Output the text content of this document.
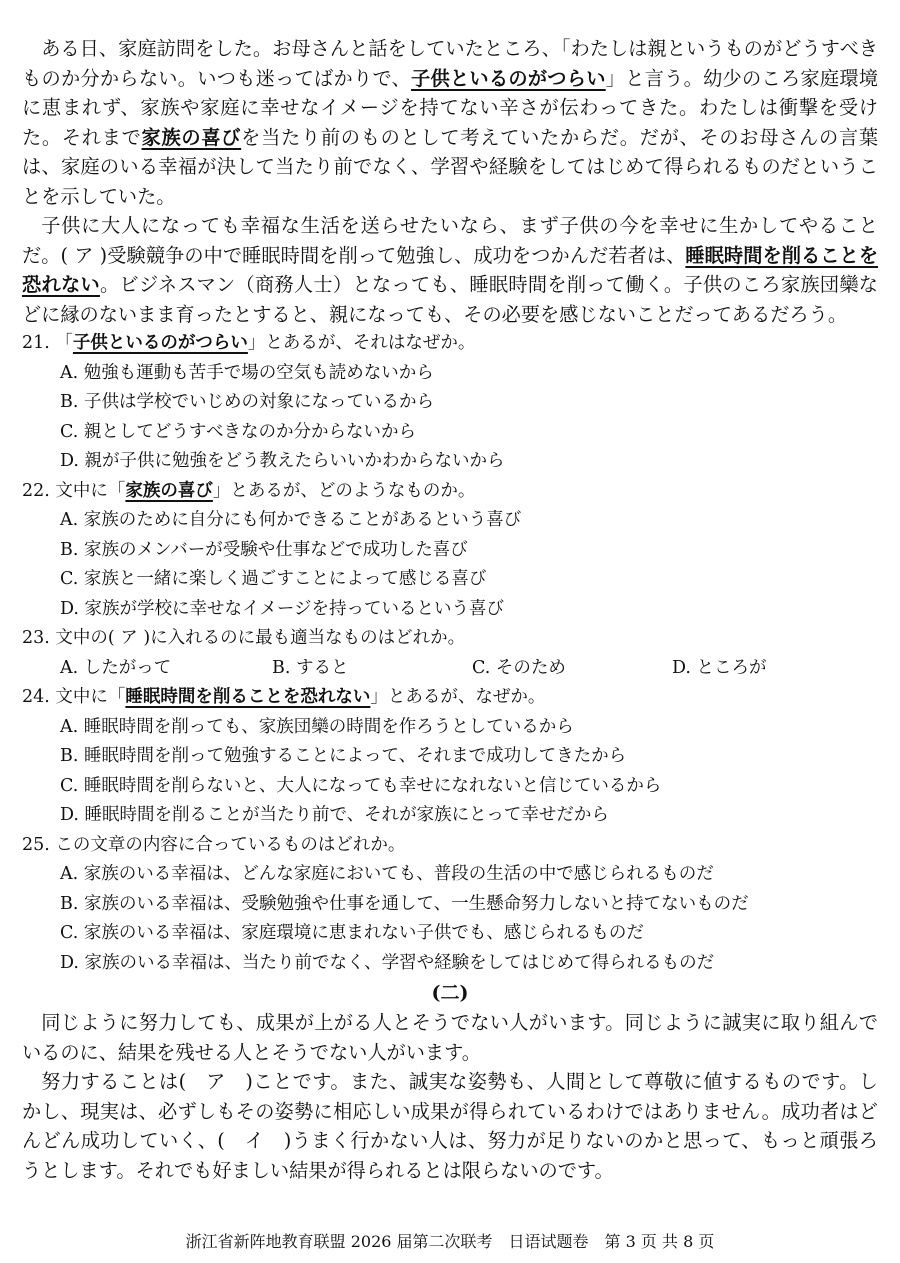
ある日、家庭訪問をした。お母さんと話をしていたところ、「わたしは親というものがどうすべきものか分からない。いつも迷ってばかりで、子供といるのがつらい」と言う。幼少のころ家庭環境に恵まれず、家族や家庭に幸せなイメージを持てない辛さが伝わってきた。わたしは衝撃を受けた。それまで家族の喜びを当たり前のものとして考えていたからだ。だが、そのお母さんの言葉は、家庭のいる幸福が決して当たり前でなく、学習や経験をしてはじめて得られるものだということを示していた。

子供に大人になっても幸福な生活を送らせたいなら、まず子供の今を幸せに生かしてやることだ。( ア )受験競争の中で睡眠時間を削って勉強し、成功をつかんだ若者は、睡眠時間を削ることを恐れない。ビジネスマン（商務人士）となっても、睡眠時間を削って働く。子供のころ家族団欒などに縁のないまま育ったとすると、親になっても、その必要を感じないことだってあるだろう。

21. 「子供といるのがつらい」とあるが、それはなぜか。

A. 勉強も運動も苦手で場の空気も読めないから

B. 子供は学校でいじめの対象になっているから

C. 親としてどうすべきなのか分からないから

D. 親が子供に勉強をどう教えたらいいかわからないから

22. 文中に「家族の喜び」とあるが、どのようなものか。

A. 家族のために自分にも何かできることがあるという喜び

B. 家族のメンバーが受験や仕事などで成功した喜び

C. 家族と一緒に楽しく過ごすことによって感じる喜び

D. 家族が学校に幸せなイメージを持っているという喜び

23. 文中の( ア )に入れるのに最も適当なものはどれか。

A. したがって	B. すると	C. そのため	D. ところが

24. 文中に「睡眠時間を削ることを恐れない」とあるが、なぜか。

A. 睡眠時間を削っても、家族団欒の時間を作ろうとしているから

B. 睡眠時間を削って勉強することによって、それまで成功してきたから

C. 睡眠時間を削らないと、大人になっても幸せになれないと信じているから

D. 睡眠時間を削ることが当たり前で、それが家族にとって幸せだから

25. この文章の内容に合っているものはどれか。

A. 家族のいる幸福は、どんな家庭においても、普段の生活の中で感じられるものだ

B. 家族のいる幸福は、受験勉強や仕事を通して、一生懸命努力しないと持てないものだ

C. 家族のいる幸福は、家庭環境に恵まれない子供でも、感じられるものだ

D. 家族のいる幸福は、当たり前でなく、学習や経験をしてはじめて得られるものだ

(二)

同じように努力しても、成果が上がる人とそうでない人がいます。同じように誠実に取り組んでいるのに、結果を残せる人とそうでない人がいます。

努力することは(　ア　)ことです。また、誠実な姿勢も、人間として尊敬に値するものです。しかし、現実は、必ずしもその姿勢に相応しい成果が得られているわけではありません。成功者はどんどん成功していく、(　イ　)うまく行かない人は、努力が足りないのかと思って、もっと頑張ろうとします。それでも好ましい結果が得られるとは限らないのです。

浙江省新阵地教育联盟 2026 届第二次联考　日语试题卷　第 3 页 共 8 页
